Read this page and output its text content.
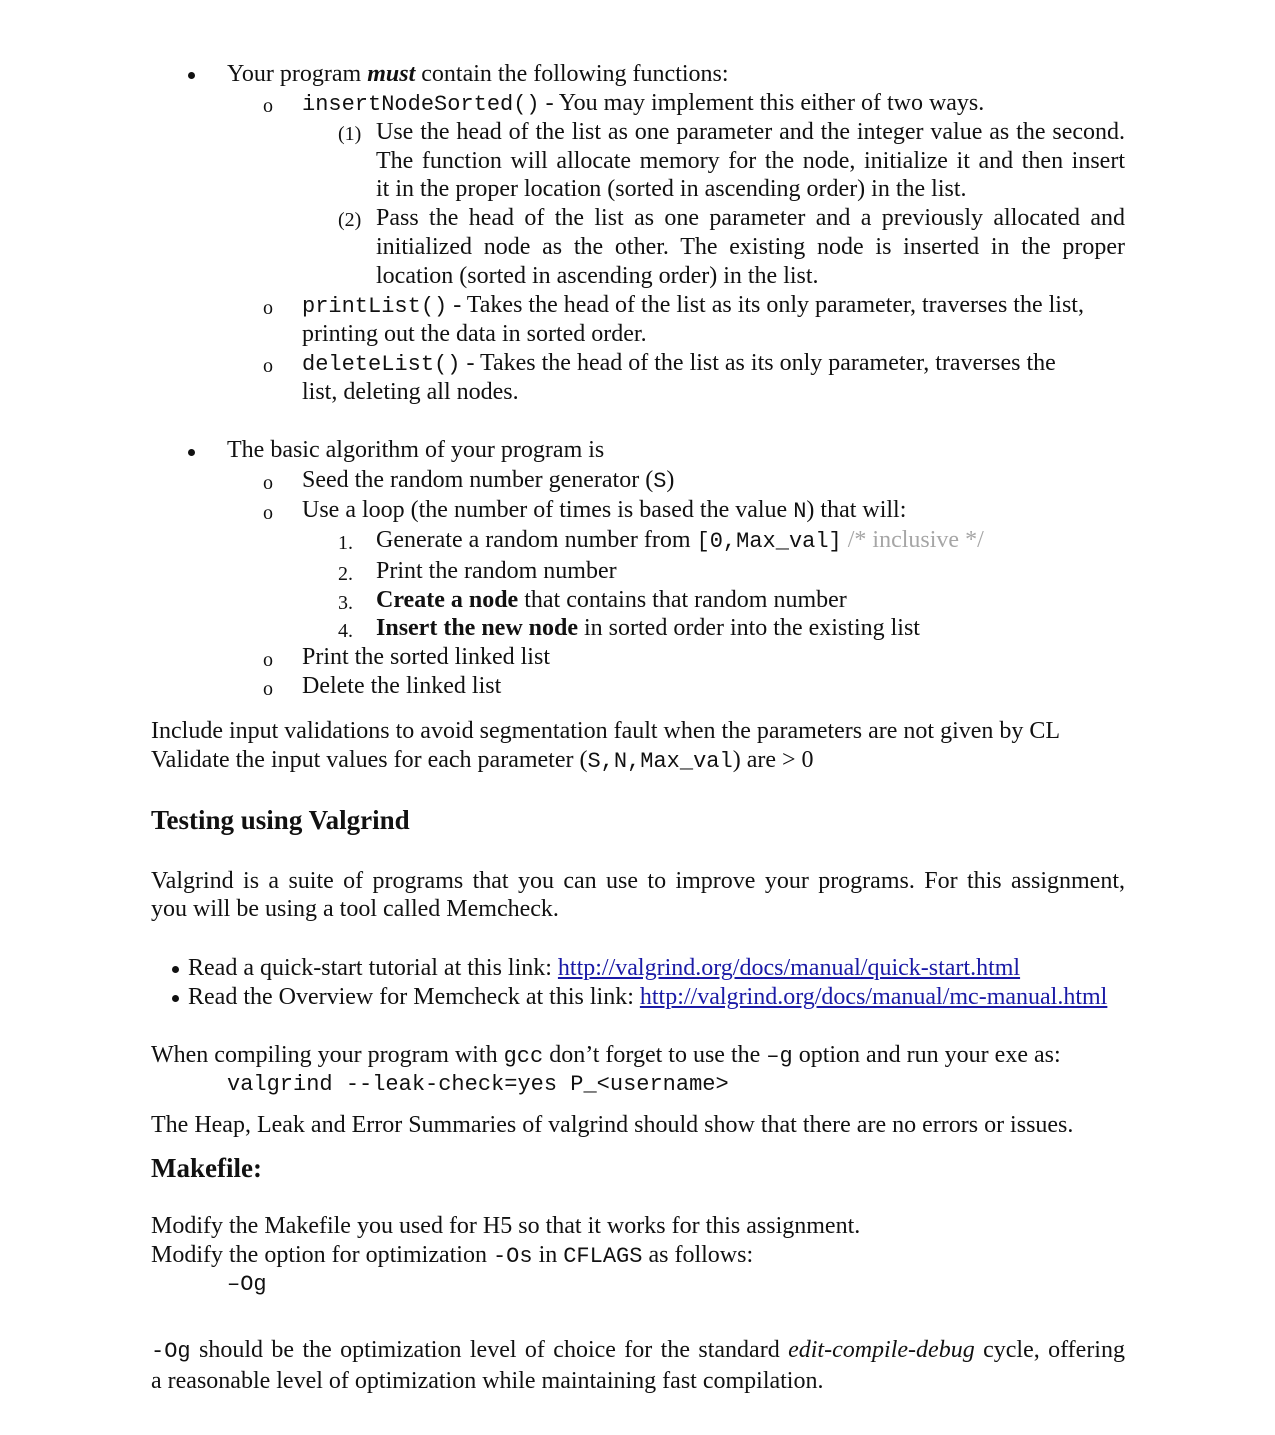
Your program must contain the following functions:
o insertNodeSorted() - You may implement this either of two ways.
(1) Use the head of the list as one parameter and the integer value as the second.
The function will allocate memory for the node, initialize it and then insert
it in the proper location (sorted in ascending order) in the list.
(2) Pass the head of the list as one parameter and a previously allocated and
initialized node as the other. The existing node is inserted in the proper
location (sorted in ascending order) in the list.
o printList() - Takes the head of the list as its only parameter, traverses the list,
printing out the data in sorted order.
o deleteList() - Takes the head of the list as its only parameter, traverses the
list, deleting all nodes.
The basic algorithm of your program is
o Seed the random number generator (S)
o Use a loop (the number of times is based the value N) that will:
1. Generate a random number from [0,Max_val] /* inclusive */
2. Print the random number
3. Create a node that contains that random number
4. Insert the new node in sorted order into the existing list
o Print the sorted linked list
o Delete the linked list
Include input validations to avoid segmentation fault when the parameters are not given by CL
Validate the input values for each parameter (S,N,Max_val) are > 0
Testing using Valgrind
Valgrind is a suite of programs that you can use to improve your programs. For this assignment,
you will be using a tool called Memcheck.
Read a quick-start tutorial at this link: http://valgrind.org/docs/manual/quick-start.html
Read the Overview for Memcheck at this link: http://valgrind.org/docs/manual/mc-manual.html
When compiling your program with gcc don’t forget to use the –g option and run your exe as:
valgrind --leak-check=yes P_<username>
The Heap, Leak and Error Summaries of valgrind should show that there are no errors or issues.
Makefile:
Modify the Makefile you used for H5 so that it works for this assignment.
Modify the option for optimization -Os in CFLAGS as follows:
–Og
-Og should be the optimization level of choice for the standard edit-compile-debug cycle, offering
a reasonable level of optimization while maintaining fast compilation.
